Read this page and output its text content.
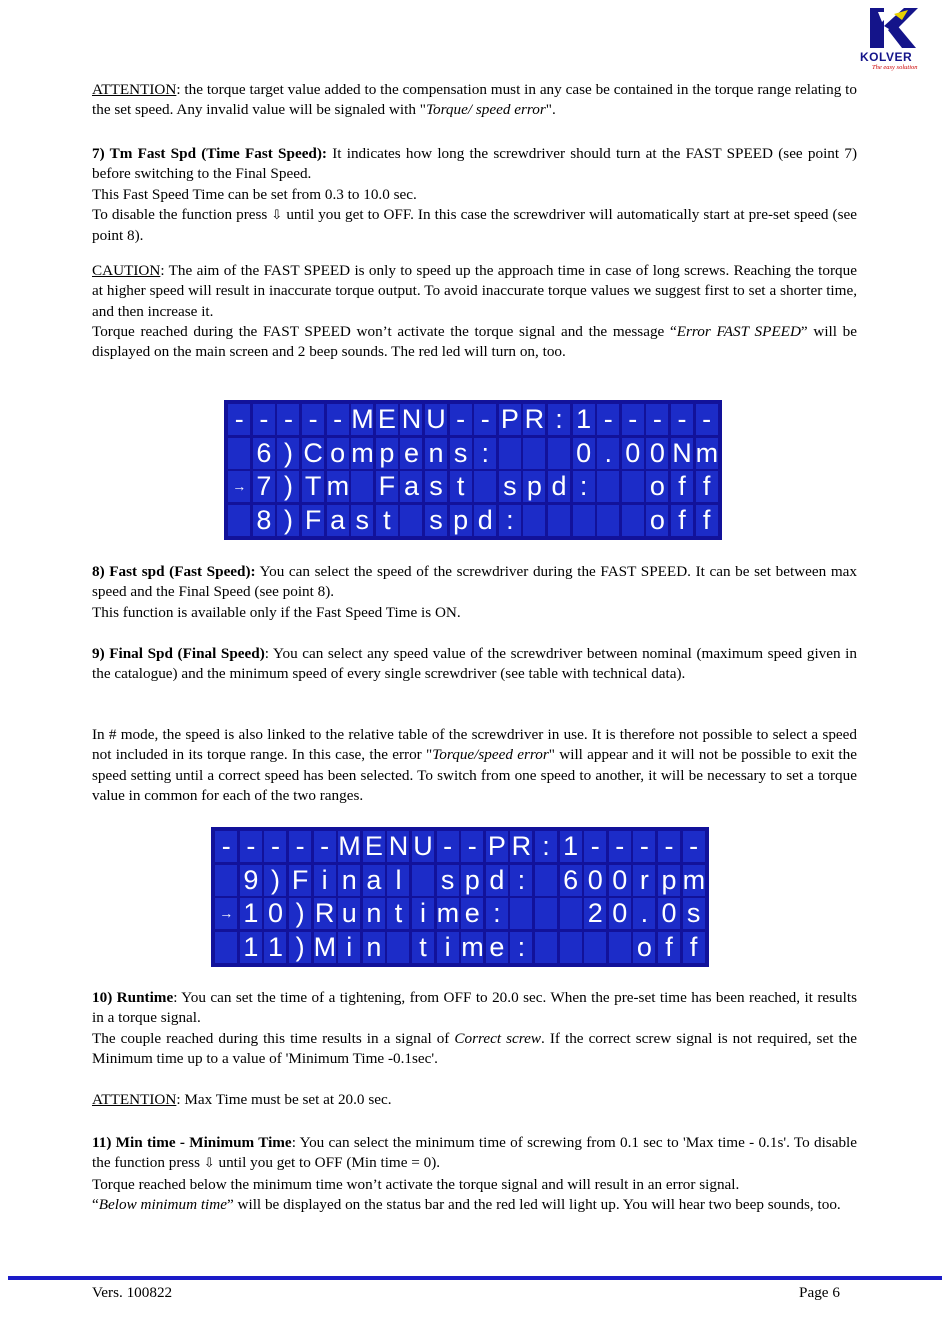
KOLVER
The easy solution

ATTENTION: the torque target value added to the compensation must in any case be contained in the torque range relating to the set speed. Any invalid value will be signaled with "Torque/ speed error".

7) Tm Fast Spd (Time Fast Speed): It indicates how long the screwdriver should turn at the FAST SPEED (see point 7) before switching to the Final Speed.

This Fast Speed Time can be set from 0.3 to 10.0 sec.

To disable the function press ⇩ until you get to OFF. In this case the screwdriver will automatically start at pre-set speed (see point 8).

CAUTION: The aim of the FAST SPEED is only to speed up the approach time in case of long screws. Reaching the torque at higher speed will result in inaccurate torque output. To avoid inaccurate torque values we suggest first to set a shorter time, and then increase it.

Torque reached during the FAST SPEED won’t activate the torque signal and the message “Error FAST SPEED” will be displayed on the main screen and 2 beep sounds. The red led will turn on, too.

- - - - - M E N U - - P R : 1 - - - - -

6 ) C o m p e n s :

	0 . 0 0 N m
→ 7 ) T m
F a s t
s p d :

o f f

8 ) F a s t
s p d :

	o f f

8) Fast spd (Fast Speed): You can select the speed of the screwdriver during the FAST SPEED. It can be set between max speed and the Final Speed (see point 8).

This function is available only if the Fast Speed Time is ON.

9) Final Spd (Final Speed): You can select any speed value of the screwdriver between nominal (maximum speed given in the catalogue) and the minimum speed of every single screwdriver (see table with technical data).

In # mode, the speed is also linked to the relative table of the screwdriver in use. It is therefore not possible to select a speed not included in its torque range. In this case, the error "Torque/speed error" will appear and it will not be possible to exit the speed setting until a correct speed has been selected. To switch from one speed to another, it will be necessary to set a torque value in common for each of the two ranges.

- - - - - M E N U - - P R : 1 - - - - -

9 ) F i n a l
s p d :
6 0 0 r p m
→ 1 0 ) R u n t i m e :

	2 0 . 0 s

1 1 ) M i n
t i m e :

	o f f

10) Runtime: You can set the time of a tightening, from OFF to 20.0 sec. When the pre-set time has been reached, it results in a torque signal.

The couple reached during this time results in a signal of Correct screw. If the correct screw signal is not required, set the Minimum time up to a value of 'Minimum Time -0.1sec'.

ATTENTION: Max Time must be set at 20.0 sec.

11) Min time - Minimum Time: You can select the minimum time of screwing from 0.1 sec to 'Max time - 0.1s'. To disable the function press ⇩ until you get to OFF (Min time = 0).

Torque reached below the minimum time won’t activate the torque signal and will result in an error signal.

“Below minimum time” will be displayed on the status bar and the red led will light up. You will hear two beep sounds, too.

Vers. 100822	Page 6
